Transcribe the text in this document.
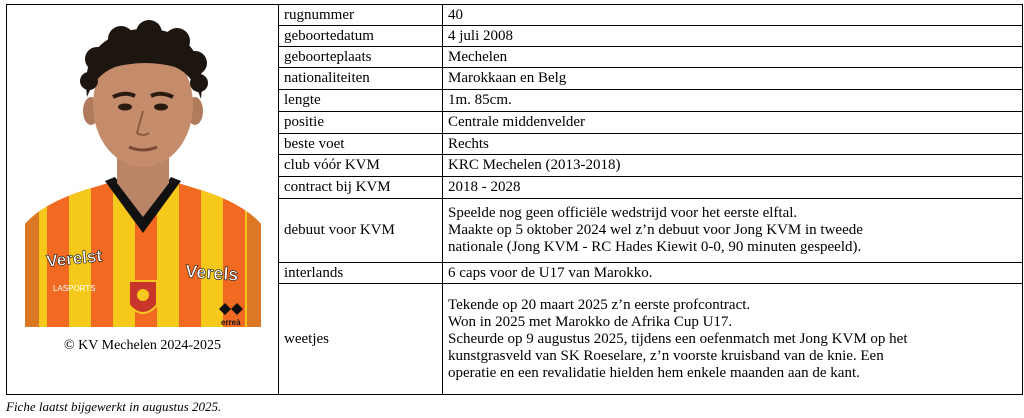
Verelst
Verels
LASPORTS
erreà
© KV Mechelen 2024-2025	rugnummer	40

	geboortedatum	4 juli 2008

	geboorteplaats	Mechelen

	nationaliteiten	Marokkaan en Belg

	lengte	1m. 85cm.

	positie	Centrale middenvelder

	beste voet	Rechts

	club vóór KVM	KRC Mechelen (2013-2018)

	contract bij KVM	2018 - 2028

	debuut voor KVM	Speelde nog geen officiële wedstrijd voor het eerste elftal.

Maakte op 5 oktober 2024 wel z’n debuut voor Jong KVM in tweede

nationale (Jong KVM - RC Hades Kiewit 0-0, 90 minuten gespeeld).

	interlands	6 caps voor de U17 van Marokko.

	weetjes	Tekende op 20 maart 2025 z’n eerste profcontract.

Won in 2025 met Marokko de Afrika Cup U17.

Scheurde op 9 augustus 2025, tijdens een oefenmatch met Jong KVM op het

kunstgrasveld van SK Roeselare, z’n voorste kruisband van de knie. Een

operatie en een revalidatie hielden hem enkele maanden aan de kant.

Fiche laatst bijgewerkt in augustus 2025.
